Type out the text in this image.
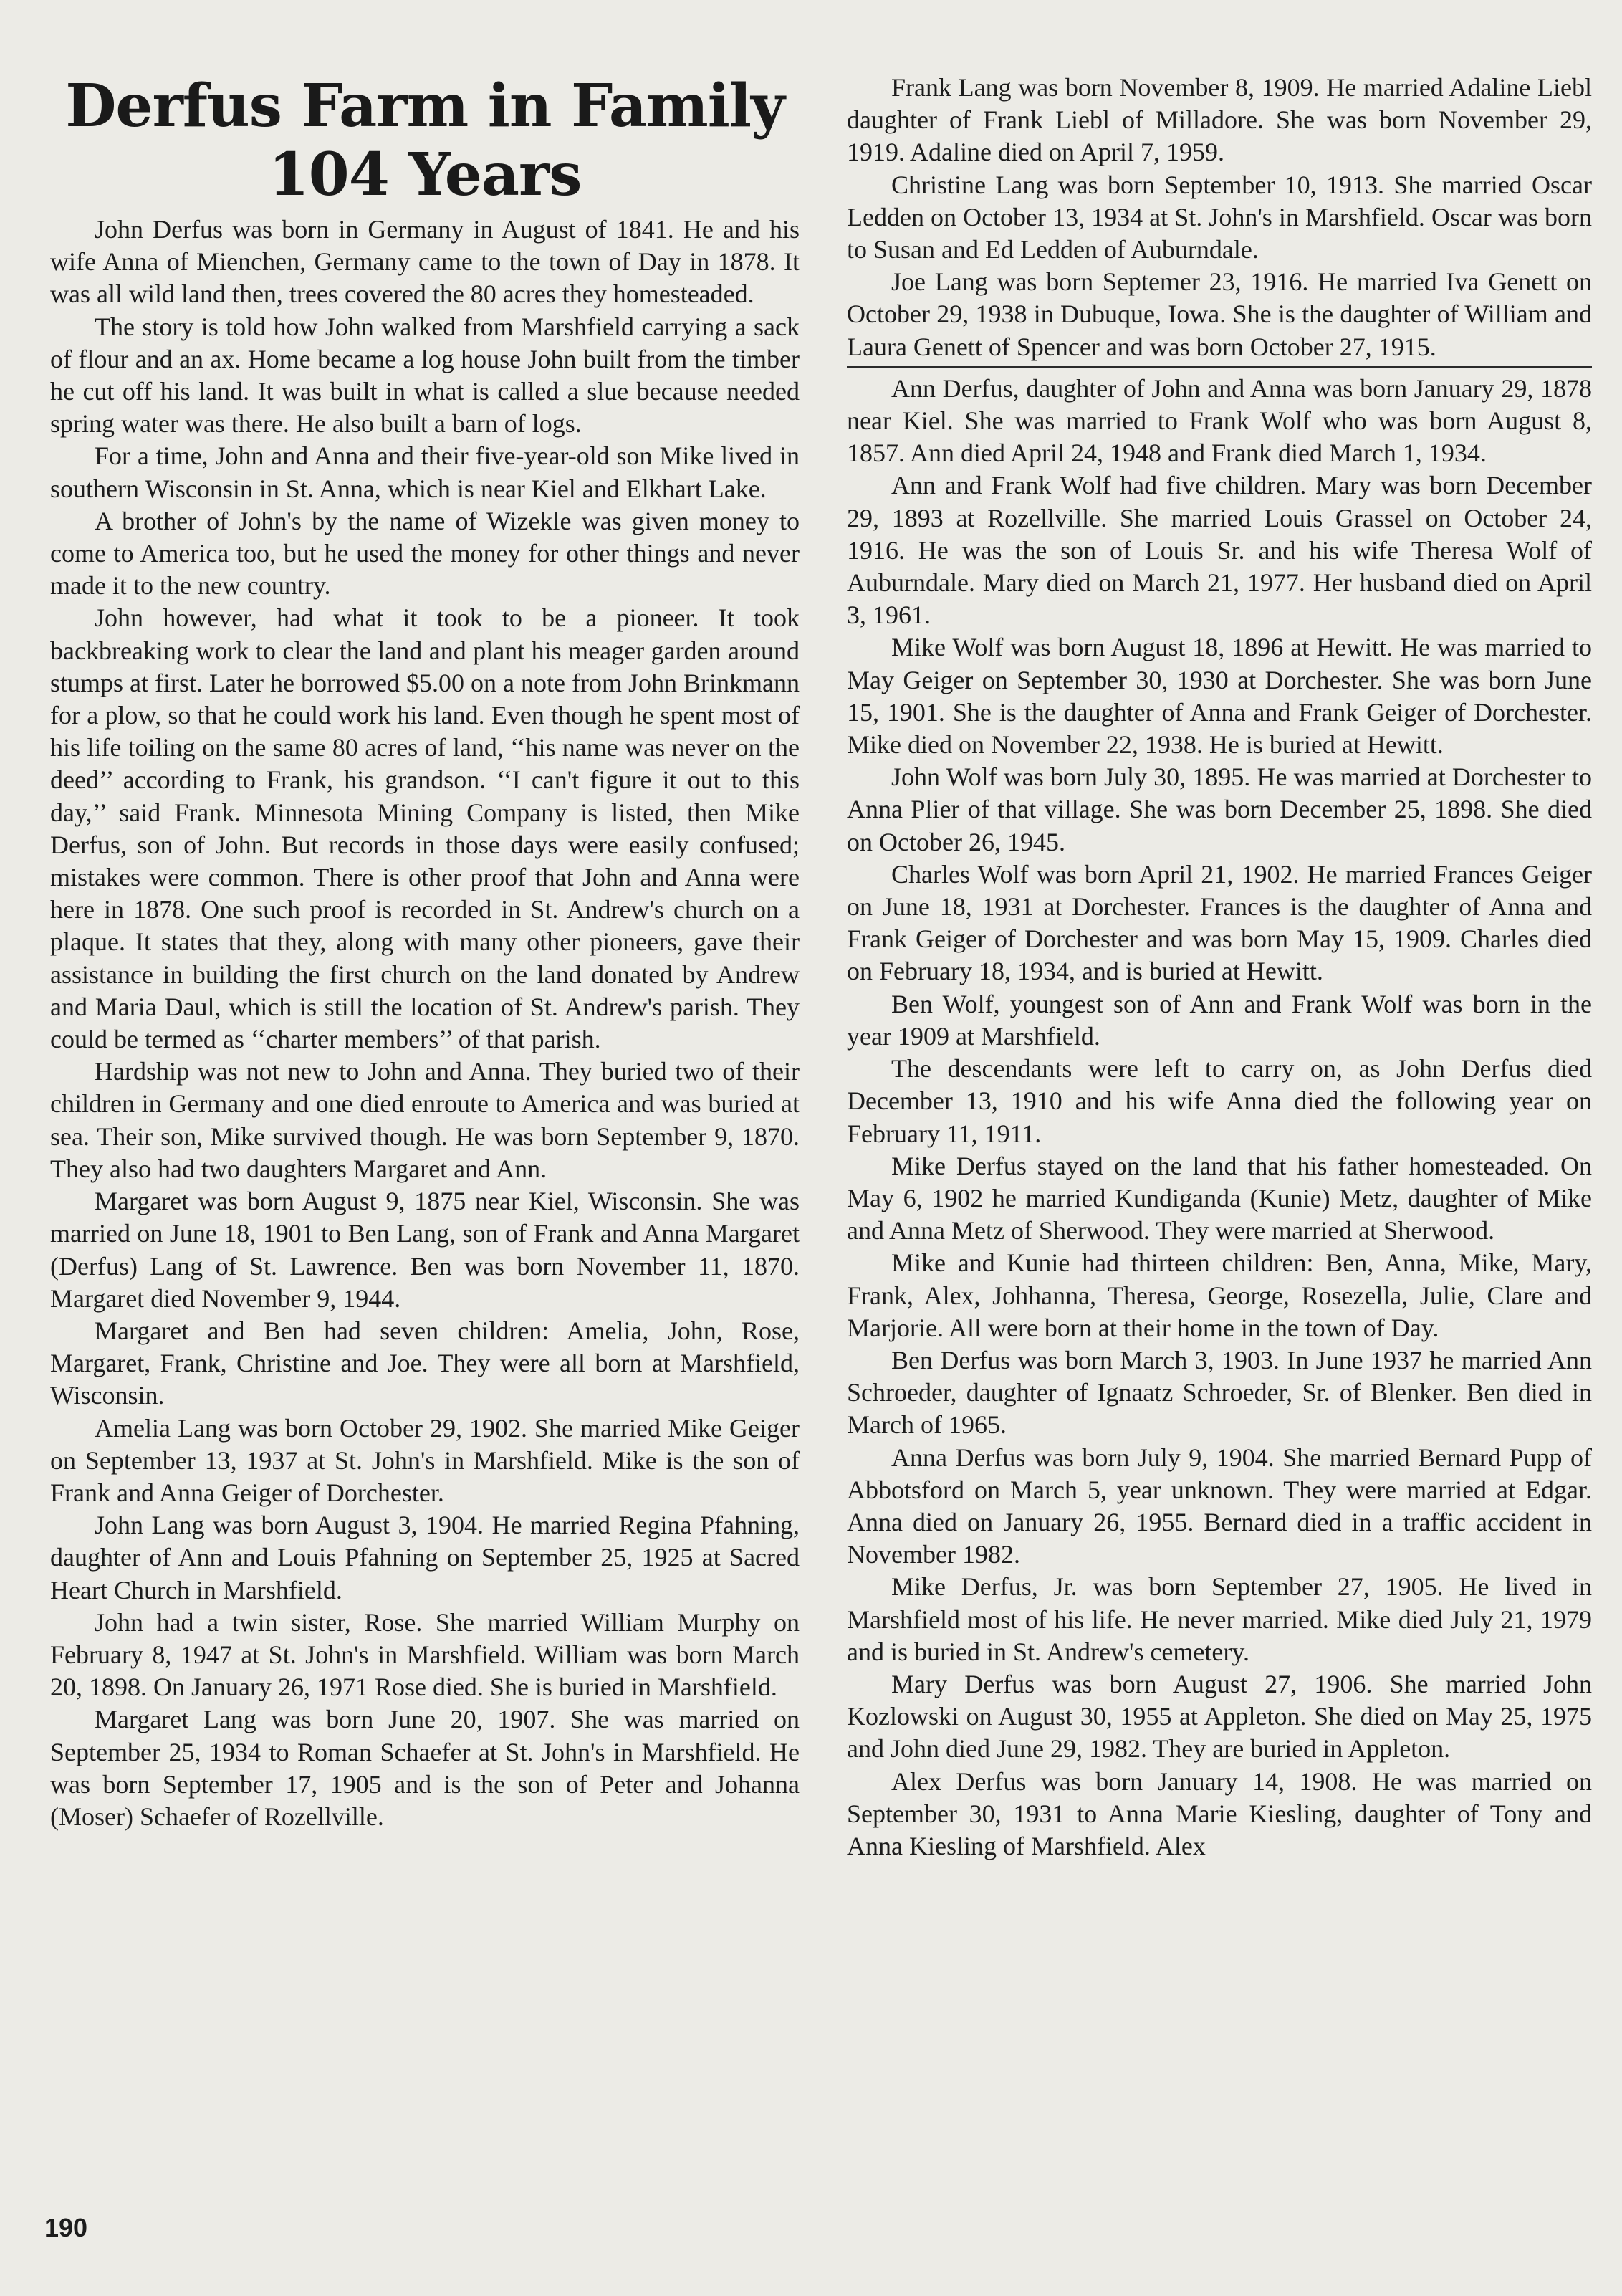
Derfus Farm in Family
104 Years

John Derfus was born in Germany in August of 1841. He and his wife Anna of Mienchen, Germany came to the town of Day in 1878. It was all wild land then, trees covered the 80 acres they homesteaded.

The story is told how John walked from Marshfield carrying a sack of flour and an ax. Home became a log house John built from the timber he cut off his land. It was built in what is called a slue because needed spring water was there. He also built a barn of logs.

For a time, John and Anna and their five-year-old son Mike lived in southern Wisconsin in St. Anna, which is near Kiel and Elkhart Lake.

A brother of John's by the name of Wizekle was given money to come to America too, but he used the money for other things and never made it to the new country.

John however, had what it took to be a pioneer. It took backbreaking work to clear the land and plant his meager garden around stumps at first. Later he borrowed $5.00 on a note from John Brinkmann for a plow, so that he could work his land. Even though he spent most of his life toiling on the same 80 acres of land, ‘‘his name was never on the deed’’ according to Frank, his grandson. ‘‘I can't figure it out to this day,’’ said Frank. Minnesota Mining Company is listed, then Mike Derfus, son of John. But records in those days were easily confused; mistakes were common. There is other proof that John and Anna were here in 1878. One such proof is recorded in St. Andrew's church on a plaque. It states that they, along with many other pioneers, gave their assistance in building the first church on the land donated by Andrew and Maria Daul, which is still the location of St. Andrew's parish. They could be termed as ‘‘charter members’’ of that parish.

Hardship was not new to John and Anna. They buried two of their children in Germany and one died enroute to America and was buried at sea. Their son, Mike survived though. He was born September 9, 1870. They also had two daughters Margaret and Ann.

Margaret was born August 9, 1875 near Kiel, Wisconsin. She was married on June 18, 1901 to Ben Lang, son of Frank and Anna Margaret (Derfus) Lang of St. Lawrence. Ben was born November 11, 1870. Margaret died November 9, 1944.

Margaret and Ben had seven children: Amelia, John, Rose, Margaret, Frank, Christine and Joe. They were all born at Marshfield, Wisconsin.

Amelia Lang was born October 29, 1902. She married Mike Geiger on September 13, 1937 at St. John's in Marshfield. Mike is the son of Frank and Anna Geiger of Dorchester.

John Lang was born August 3, 1904. He married Regina Pfahning, daughter of Ann and Louis Pfahning on September 25, 1925 at Sacred Heart Church in Marshfield.

John had a twin sister, Rose. She married William Murphy on February 8, 1947 at St. John's in Marshfield. William was born March 20, 1898. On January 26, 1971 Rose died. She is buried in Marshfield.

Margaret Lang was born June 20, 1907. She was married on September 25, 1934 to Roman Schaefer at St. John's in Marshfield. He was born September 17, 1905 and is the son of Peter and Johanna (Moser) Schaefer of Rozellville.

Frank Lang was born November 8, 1909. He married Adaline Liebl daughter of Frank Liebl of Milladore. She was born November 29, 1919. Adaline died on April 7, 1959.

Christine Lang was born September 10, 1913. She married Oscar Ledden on October 13, 1934 at St. John's in Marshfield. Oscar was born to Susan and Ed Ledden of Auburndale.

Joe Lang was born Septemer 23, 1916. He married Iva Genett on October 29, 1938 in Dubuque, Iowa. She is the daughter of William and Laura Genett of Spencer and was born October 27, 1915.

Ann Derfus, daughter of John and Anna was born January 29, 1878 near Kiel. She was married to Frank Wolf who was born August 8, 1857. Ann died April 24, 1948 and Frank died March 1, 1934.

Ann and Frank Wolf had five children. Mary was born December 29, 1893 at Rozellville. She married Louis Grassel on October 24, 1916. He was the son of Louis Sr. and his wife Theresa Wolf of Auburndale. Mary died on March 21, 1977. Her husband died on April 3, 1961.

Mike Wolf was born August 18, 1896 at Hewitt. He was married to May Geiger on September 30, 1930 at Dorchester. She was born June 15, 1901. She is the daughter of Anna and Frank Geiger of Dorchester. Mike died on November 22, 1938. He is buried at Hewitt.

John Wolf was born July 30, 1895. He was married at Dorchester to Anna Plier of that village. She was born December 25, 1898. She died on October 26, 1945.

Charles Wolf was born April 21, 1902. He married Frances Geiger on June 18, 1931 at Dorchester. Frances is the daughter of Anna and Frank Geiger of Dorchester and was born May 15, 1909. Charles died on February 18, 1934, and is buried at Hewitt.

Ben Wolf, youngest son of Ann and Frank Wolf was born in the year 1909 at Marshfield.

The descendants were left to carry on, as John Derfus died December 13, 1910 and his wife Anna died the following year on February 11, 1911.

Mike Derfus stayed on the land that his father homesteaded. On May 6, 1902 he married Kundiganda (Kunie) Metz, daughter of Mike and Anna Metz of Sherwood. They were married at Sherwood.

Mike and Kunie had thirteen children: Ben, Anna, Mike, Mary, Frank, Alex, Johhanna, Theresa, George, Rosezella, Julie, Clare and Marjorie. All were born at their home in the town of Day.

Ben Derfus was born March 3, 1903. In June 1937 he married Ann Schroeder, daughter of Ignaatz Schroeder, Sr. of Blenker. Ben died in March of 1965.

Anna Derfus was born July 9, 1904. She married Bernard Pupp of Abbotsford on March 5, year unknown. They were married at Edgar. Anna died on January 26, 1955. Bernard died in a traffic accident in November 1982.

Mike Derfus, Jr. was born September 27, 1905. He lived in Marshfield most of his life. He never married. Mike died July 21, 1979 and is buried in St. Andrew's cemetery.

Mary Derfus was born August 27, 1906. She married John Kozlowski on August 30, 1955 at Appleton. She died on May 25, 1975 and John died June 29, 1982. They are buried in Appleton.

Alex Derfus was born January 14, 1908. He was married on September 30, 1931 to Anna Marie Kiesling, daughter of Tony and Anna Kiesling of Marshfield. Alex

190
